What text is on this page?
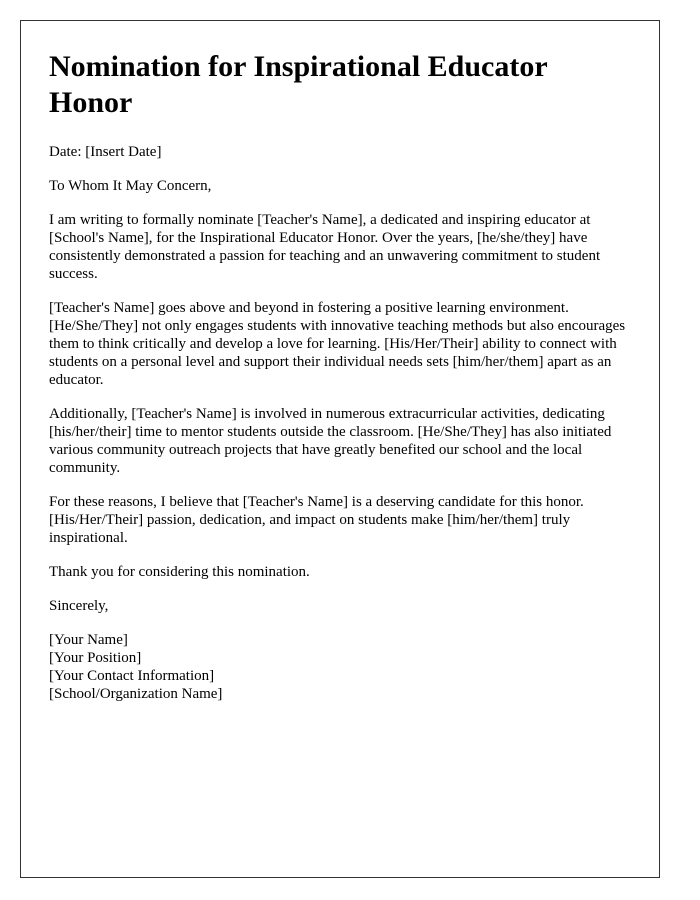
Nomination for Inspirational Educator Honor

Date: [Insert Date]

To Whom It May Concern,

I am writing to formally nominate [Teacher's Name], a dedicated and inspiring educator at [School's Name], for the Inspirational Educator Honor. Over the years, [he/she/they] have consistently demonstrated a passion for teaching and an unwavering commitment to student success.

[Teacher's Name] goes above and beyond in fostering a positive learning environment. [He/She/They] not only engages students with innovative teaching methods but also encourages them to think critically and develop a love for learning. [His/Her/Their] ability to connect with students on a personal level and support their individual needs sets [him/her/them] apart as an educator.

Additionally, [Teacher's Name] is involved in numerous extracurricular activities, dedicating [his/her/their] time to mentor students outside the classroom. [He/She/They] has also initiated various community outreach projects that have greatly benefited our school and the local community.

For these reasons, I believe that [Teacher's Name] is a deserving candidate for this honor. [His/Her/Their] passion, dedication, and impact on students make [him/her/them] truly inspirational.

Thank you for considering this nomination.

Sincerely,

[Your Name]
[Your Position]
[Your Contact Information]
[School/Organization Name]
